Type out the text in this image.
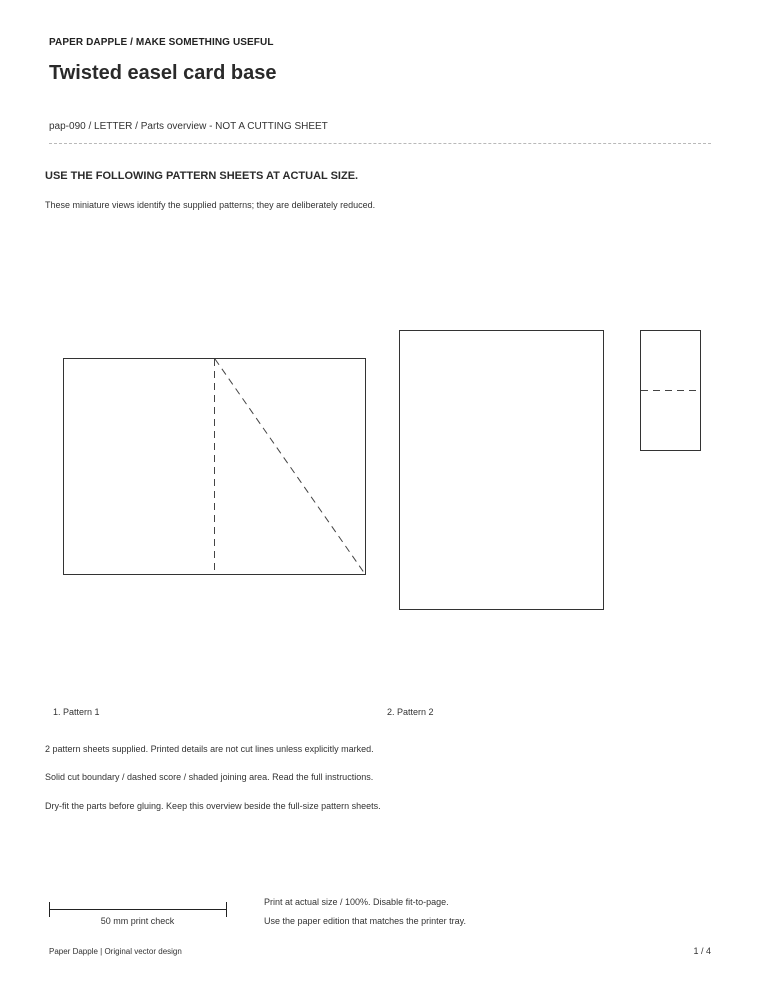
PAPER DAPPLE / MAKE SOMETHING USEFUL
Twisted easel card base
pap-090 / LETTER / Parts overview - NOT A CUTTING SHEET
USE THE FOLLOWING PATTERN SHEETS AT ACTUAL SIZE.
These miniature views identify the supplied patterns; they are deliberately reduced.
1. Pattern 1	2. Pattern 2
2 pattern sheets supplied. Printed details are not cut lines unless explicitly marked.
Solid cut boundary / dashed score / shaded joining area. Read the full instructions.
Dry-fit the parts before gluing. Keep this overview beside the full-size pattern sheets.
50 mm print check
Print at actual size / 100%. Disable fit-to-page.
Use the paper edition that matches the printer tray.
Paper Dapple | Original vector design	1 / 4
